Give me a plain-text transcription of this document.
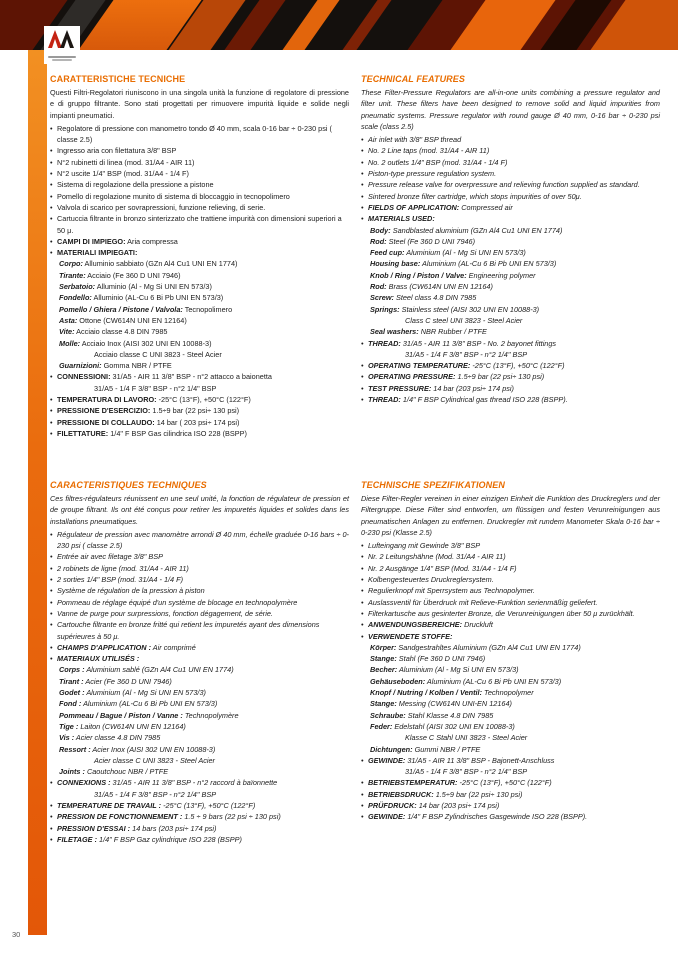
CARATTERISTICHE TECNICHE
Questi Filtri-Regolatori riuniscono in una singola unità la funzione di regolatore di pressione e di gruppo filtrante. Sono stati progettati per rimuovere impurità liquide e solide negli impianti pneumatici.
• Regolatore di pressione con manometro tondo Ø 40 mm, scala 0-16 bar ÷ 0-230 psi ( classe 2.5)
• Ingresso aria con filettatura 3/8" BSP
• N°2 rubinetti di linea (mod. 31/A4 - AIR 11)
• N°2 uscite 1/4" BSP (mod. 31/A4 - 1/4 F)
• Sistema di regolazione della pressione a pistone
• Pomello di regolazione munito di sistema di bloccaggio in tecnopolimero
• Valvola di scarico per sovrapressioni, funzione relieving, di serie.
• Cartuccia filtrante in bronzo sinterizzato che trattiene impurità con dimensioni superiori a 50 μ.
• CAMPI DI IMPIEGO: Aria compressa
• MATERIALI IMPIEGATI:
Corpo: Alluminio sabbiato (GZn Al4 Cu1 UNI EN 1774)
Tirante: Acciaio (Fe 360 D UNI 7946)
Serbatoio: Alluminio (Al - Mg Si UNI EN 573/3)
Fondello: Alluminio (AL-Cu 6 Bi Pb UNI EN 573/3)
Pomello / Ghiera / Pistone / Valvola: Tecnopolimero
Asta: Ottone (CW614N UNI EN 12164)
Vite: Acciaio classe 4.8 DIN 7985
Molle: Acciaio Inox (AISI 302 UNI EN 10088-3)
Acciaio classe C UNI 3823 - Steel Acier
Guarnizioni: Gomma NBR / PTFE
• CONNESSIONI: 31/A5 - AIR 11 3/8" BSP - n°2 attacco a baionetta
31/A5 - 1/4 F 3/8" BSP - n°2 1/4" BSP
• TEMPERATURA DI LAVORO: -25°C (13°F), +50°C (122°F)
• PRESSIONE D'ESERCIZIO: 1.5÷9 bar (22 psi÷ 130 psi)
• PRESSIONE DI COLLAUDO: 14 bar ( 203 psi÷ 174 psi)
• FILETTATURE: 1/4" F BSP Gas cilindrica ISO 228 (BSPP)
TECHNICAL FEATURES
These Filter-Pressure Regulators are all-in-one units combining a pressure regulator and filter unit. These filters have been designed to remove solid and liquid impurities from pneumatic systems. Pressure regulator with round gauge Ø 40 mm, 0-16 bar ÷ 0-230 psi scale (class 2.5)
• Air inlet with 3/8" BSP thread
• No. 2 Line taps (mod. 31/A4 - AIR 11)
• No. 2 outlets 1/4" BSP (mod. 31/A4 - 1/4 F)
• Piston-type pressure regulation system.
• Pressure release valve for overpressure and relieving function supplied as standard.
• Sintered bronze filter cartridge, which stops impurities of over 50μ.
• FIELDS OF APPLICATION: Compressed air
• MATERIALS USED:
Body: Sandblasted aluminium (GZn Al4 Cu1 UNI EN 1774)
Rod: Steel (Fe 360 D UNI 7946)
Feed cup: Aluminium (Al - Mg Si UNI EN 573/3)
Housing base: Aluminium (AL-Cu 6 Bi Pb UNI EN 573/3)
Knob / Ring / Piston / Valve: Engineering polymer
Rod: Brass (CW614N UNI EN 12164)
Screw: Steel class 4.8 DIN 7985
Springs: Stainless steel (AISI 302 UNI EN 10088-3)
Class C steel UNI 3823 - Steel Acier
Seal washers: NBR Rubber / PTFE
• THREAD: 31/A5 - AIR 11 3/8" BSP - No. 2 bayonet fittings
31/A5 - 1/4 F 3/8" BSP - n°2 1/4" BSP
• OPERATING TEMPERATURE: -25°C (13°F), +50°C (122°F)
• OPERATING PRESSURE: 1.5÷9 bar (22 psi÷ 130 psi)
• TEST PRESSURE: 14 bar (203 psi÷ 174 psi)
• THREAD: 1/4" F BSP Cylindrical gas thread ISO 228 (BSPP).
CARACTERISTIQUES TECHNIQUES
Ces filtres-régulateurs réunissent en une seul unité, la fonction de régulateur de pression et de groupe filtrant. Ils ont été conçus pour retirer les impuretés liquides et solides dans les installations pneumatiques.
• Régulateur de pression avec manomètre arrondi Ø 40 mm, échelle graduée 0-16 bars ÷ 0-230 psi ( classe 2.5)
• Entrée air avec filetage 3/8" BSP
• 2 robinets de ligne (mod. 31/A4 - AIR 11)
• 2 sorties 1/4" BSP (mod. 31/A4 - 1/4 F)
• Système de régulation de la pression à piston
• Pommeau de réglage équipé d'un système de blocage en technopolymère
• Vanne de purge pour surpressions, fonction dégagement, de série.
• Cartouche filtrante en bronze fritté qui retient les impuretés ayant des dimensions supérieures à 50 μ.
• CHAMPS D'APPLICATION : Air comprimé
• MATERIAUX UTILISÉS :
Corps : Aluminium sablé (GZn Al4 Cu1 UNI EN 1774)
Tirant : Acier (Fe 360 D UNI 7946)
Godet : Aluminium (Al - Mg Si UNI EN 573/3)
Fond : Aluminium (AL-Cu 6 Bi Pb UNI EN 573/3)
Pommeau / Bague / Piston / Vanne : Technopolymère
Tige : Laiton (CW614N UNI EN 12164)
Vis : Acier classe 4.8 DIN 7985
Ressort : Acier Inox (AISI 302 UNI EN 10088-3)
Acier classe C UNI 3823 - Steel Acier
Joints : Caoutchouc NBR / PTFE
• CONNEXIONS : 31/A5 - AIR 11 3/8" BSP - n°2 raccord à baïonnette
31/A5 - 1/4 F 3/8" BSP - n°2 1/4" BSP
• TEMPERATURE DE TRAVAIL : -25°C (13°F), +50°C (122°F)
• PRESSION DE FONCTIONNEMENT : 1.5 ÷ 9 bars (22 psi ÷ 130 psi)
• PRESSION D'ESSAI : 14 bars (203 psi÷ 174 psi)
• FILETAGE : 1/4" F BSP Gaz cylindrique ISO 228 (BSPP)
TECHNISCHE SPEZIFIKATIONEN
Diese Filter-Regler vereinen in einer einzigen Einheit die Funktion des Druckreglers und der Filtergruppe. Diese Filter sind entworfen, um flüssigen und festen Verunreinigungen aus pneumatischen Anlagen zu entfernen. Druckregler mit rundem Manometer Skala 0-16 bar ÷ 0-230 psi (Klasse 2.5)
• Lufteingang mit Gewinde 3/8" BSP
• Nr. 2 Leitungshähne (Mod. 31/A4 - AIR 11)
• Nr. 2 Ausgänge 1/4" BSP (Mod. 31/A4 - 1/4 F)
• Kolbengesteuertes Druckreglersystem.
• Regulierknopf mit Sperrsystem aus Technopolymer.
• Auslassventil für Überdruck mit Relieve-Funktion serienmäßig geliefert.
• Filterkartusche aus gesinterter Bronze, die Verunreinigungen über 50 μ zurückhält.
• ANWENDUNGSBEREICHE: Druckluft
• VERWENDETE STOFFE:
Körper: Sandgestrahltes Aluminium (GZn Al4 Cu1 UNI EN 1774)
Stange: Stahl (Fe 360 D UNI 7946)
Becher: Aluminium (Al - Mg Si UNI EN 573/3)
Gehäuseboden: Aluminium (AL-Cu 6 Bi Pb UNI EN 573/3)
Knopf / Nutring / Kolben / Ventil: Technopolymer
Stange: Messing (CW614N UNI-EN 12164)
Schraube: Stahl Klasse 4.8 DIN 7985
Feder: Edelstahl (AISI 302 UNI EN 10088-3)
Klasse C Stahl UNI 3823 - Steel Acier
Dichtungen: Gummi NBR / PTFE
• GEWINDE: 31/A5 - AIR 11 3/8" BSP - Bajonett-Anschluss
31/A5 - 1/4 F 3/8" BSP - n°2 1/4" BSP
• BETRIEBSTEMPERATUR: -25°C (13°F), +50°C (122°F)
• BETRIEBSDRUCK: 1.5÷9 bar (22 psi÷ 130 psi)
• PRÜFDRUCK: 14 bar (203 psi÷ 174 psi)
• GEWINDE: 1/4" F BSP Zylindrisches Gasgewinde ISO 228 (BSPP).
30
